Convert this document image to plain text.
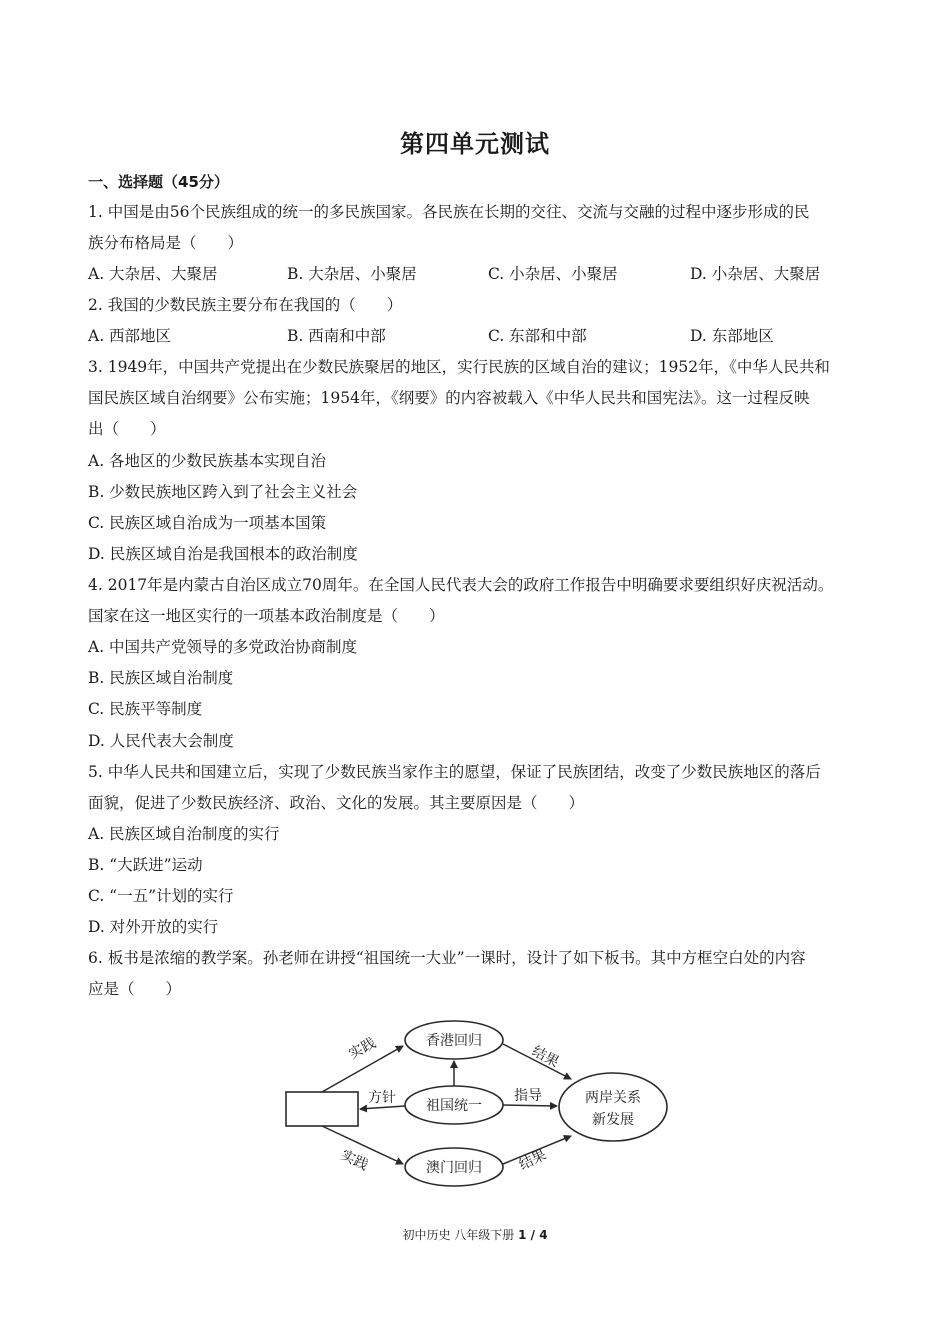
第四单元测试
一、选择题（45分）
1. 中国是由56个民族组成的统一的多民族国家。各民族在长期的交往、交流与交融的过程中逐步形成的民
族分布格局是（　　）
A. 大杂居、大聚居	B. 大杂居、小聚居	C. 小杂居、小聚居	D. 小杂居、大聚居
2. 我国的少数民族主要分布在我国的（　　）
A. 西部地区	B. 西南和中部	C. 东部和中部	D. 东部地区
3. 1949年，中国共产党提出在少数民族聚居的地区，实行民族的区域自治的建议；1952年，《中华人民共和
国民族区域自治纲要》公布实施；1954年，《纲要》的内容被载入《中华人民共和国宪法》。这一过程反映
出（　　）
A. 各地区的少数民族基本实现自治
B. 少数民族地区跨入到了社会主义社会
C. 民族区域自治成为一项基本国策
D. 民族区域自治是我国根本的政治制度
4. 2017年是内蒙古自治区成立70周年。在全国人民代表大会的政府工作报告中明确要求要组织好庆祝活动。
国家在这一地区实行的一项基本政治制度是（　　）
A. 中国共产党领导的多党政治协商制度
B. 民族区域自治制度
C. 民族平等制度
D. 人民代表大会制度
5. 中华人民共和国建立后，实现了少数民族当家作主的愿望，保证了民族团结，改变了少数民族地区的落后
面貌，促进了少数民族经济、政治、文化的发展。其主要原因是（　　）
A. 民族区域自治制度的实行
B. “大跃进”运动
C. “一五”计划的实行
D. 对外开放的实行
6. 板书是浓缩的教学案。孙老师在讲授“祖国统一大业”一课时，设计了如下板书。其中方框空白处的内容
应是（　　）
香港回归
祖国统一
澳门回归
两岸关系
新发展
实践
实践
方针	指导
结果
结果
初中历史 八年级下册 1 / 4
